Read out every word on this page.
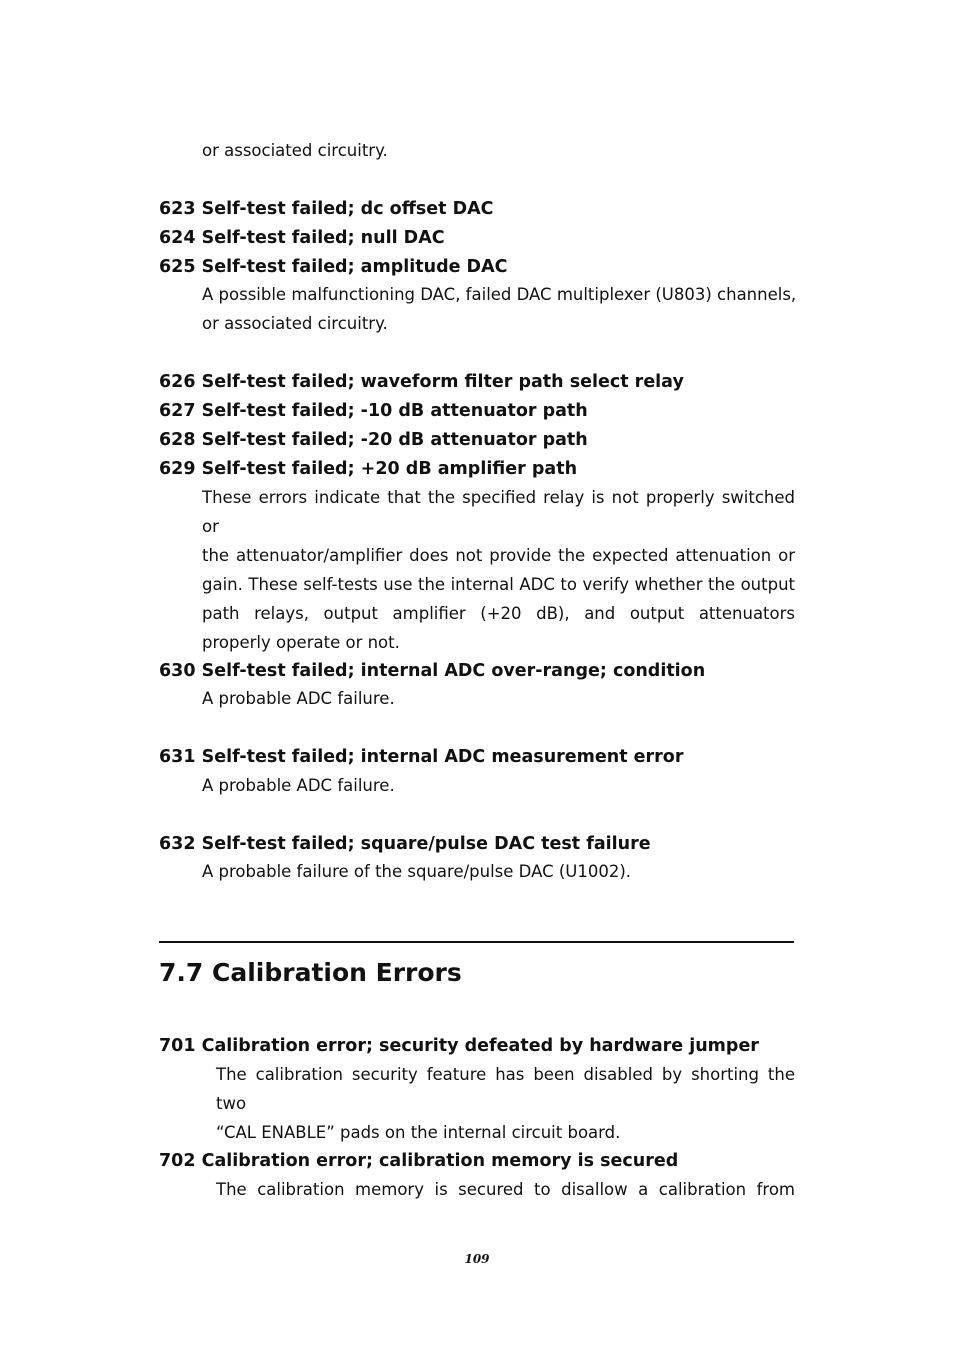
or associated circuitry.
623 Self-test failed; dc offset DAC
624 Self-test failed; null DAC
625 Self-test failed; amplitude DAC
A possible malfunctioning DAC, failed DAC multiplexer (U803) channels,
or associated circuitry.
626 Self-test failed; waveform filter path select relay
627 Self-test failed; -10 dB attenuator path
628 Self-test failed; -20 dB attenuator path
629 Self-test failed; +20 dB amplifier path
These errors indicate that the specified relay is not properly switched or
the attenuator/amplifier does not provide the expected attenuation or
gain. These self-tests use the internal ADC to verify whether the output
path relays, output amplifier (+20 dB), and output attenuators
properly operate or not.
630 Self-test failed; internal ADC over-range; condition
A probable ADC failure.
631 Self-test failed; internal ADC measurement error
A probable ADC failure.
632 Self-test failed; square/pulse DAC test failure
A probable failure of the square/pulse DAC (U1002).
7.7 Calibration Errors
701 Calibration error; security defeated by hardware jumper
The calibration security feature has been disabled by shorting the two
“CAL ENABLE” pads on the internal circuit board.
702 Calibration error; calibration memory is secured
The calibration memory is secured to disallow a calibration from
109
